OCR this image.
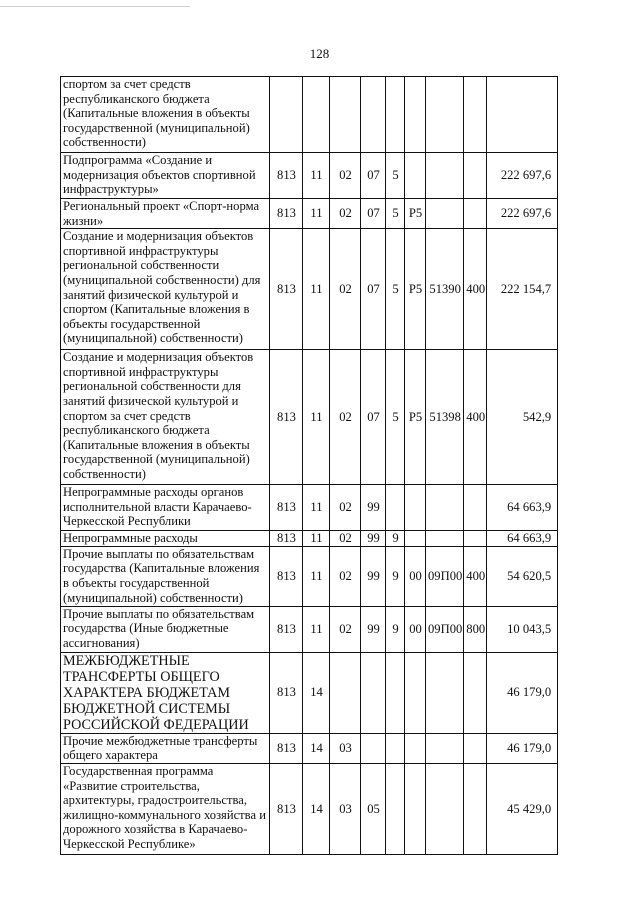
128
спортом за счет средств республиканского бюджета (Капитальные вложения в объекты государственной (муниципальной) собственности)									
Подпрограмма «Создание и модернизация объектов спортивной инфраструктуры»	813	11	02	07	5				222 697,6
Региональный проект «Спорт-норма жизни»	813	11	02	07	5	P5			222 697,6
Создание и модернизация объектов спортивной инфраструктуры региональной собственности (муниципальной собственности) для занятий физической культурой и спортом (Капитальные вложения в объекты государственной (муниципальной) собственности)	813	11	02	07	5	P5	51390	400	222 154,7
Создание и модернизация объектов спортивной инфраструктуры региональной собственности для занятий физической культурой и спортом за счет средств республиканского бюджета (Капитальные вложения в объекты государственной (муниципальной) собственности)	813	11	02	07	5	P5	51398	400	542,9
Непрограммные расходы органов исполнительной власти Карачаево-Черкесской Республики	813	11	02	99					64 663,9
Непрограммные расходы	813	11	02	99	9				64 663,9
Прочие выплаты по обязательствам государства (Капитальные вложения в объекты государственной (муниципальной) собственности)	813	11	02	99	9	00	09П00	400	54 620,5
Прочие выплаты по обязательствам государства (Иные бюджетные ассигнования)	813	11	02	99	9	00	09П00	800	10 043,5
МЕЖБЮДЖЕТНЫЕ ТРАНСФЕРТЫ ОБЩЕГО ХАРАКТЕРА БЮДЖЕТАМ БЮДЖЕТНОЙ СИСТЕМЫ РОССИЙСКОЙ ФЕДЕРАЦИИ	813	14							46 179,0
Прочие межбюджетные трансферты общего характера	813	14	03						46 179,0
Государственная программа «Развитие строительства, архитектуры, градостроительства, жилищно-коммунального хозяйства и дорожного хозяйства в Карачаево-Черкесской Республике»	813	14	03	05					45 429,0
